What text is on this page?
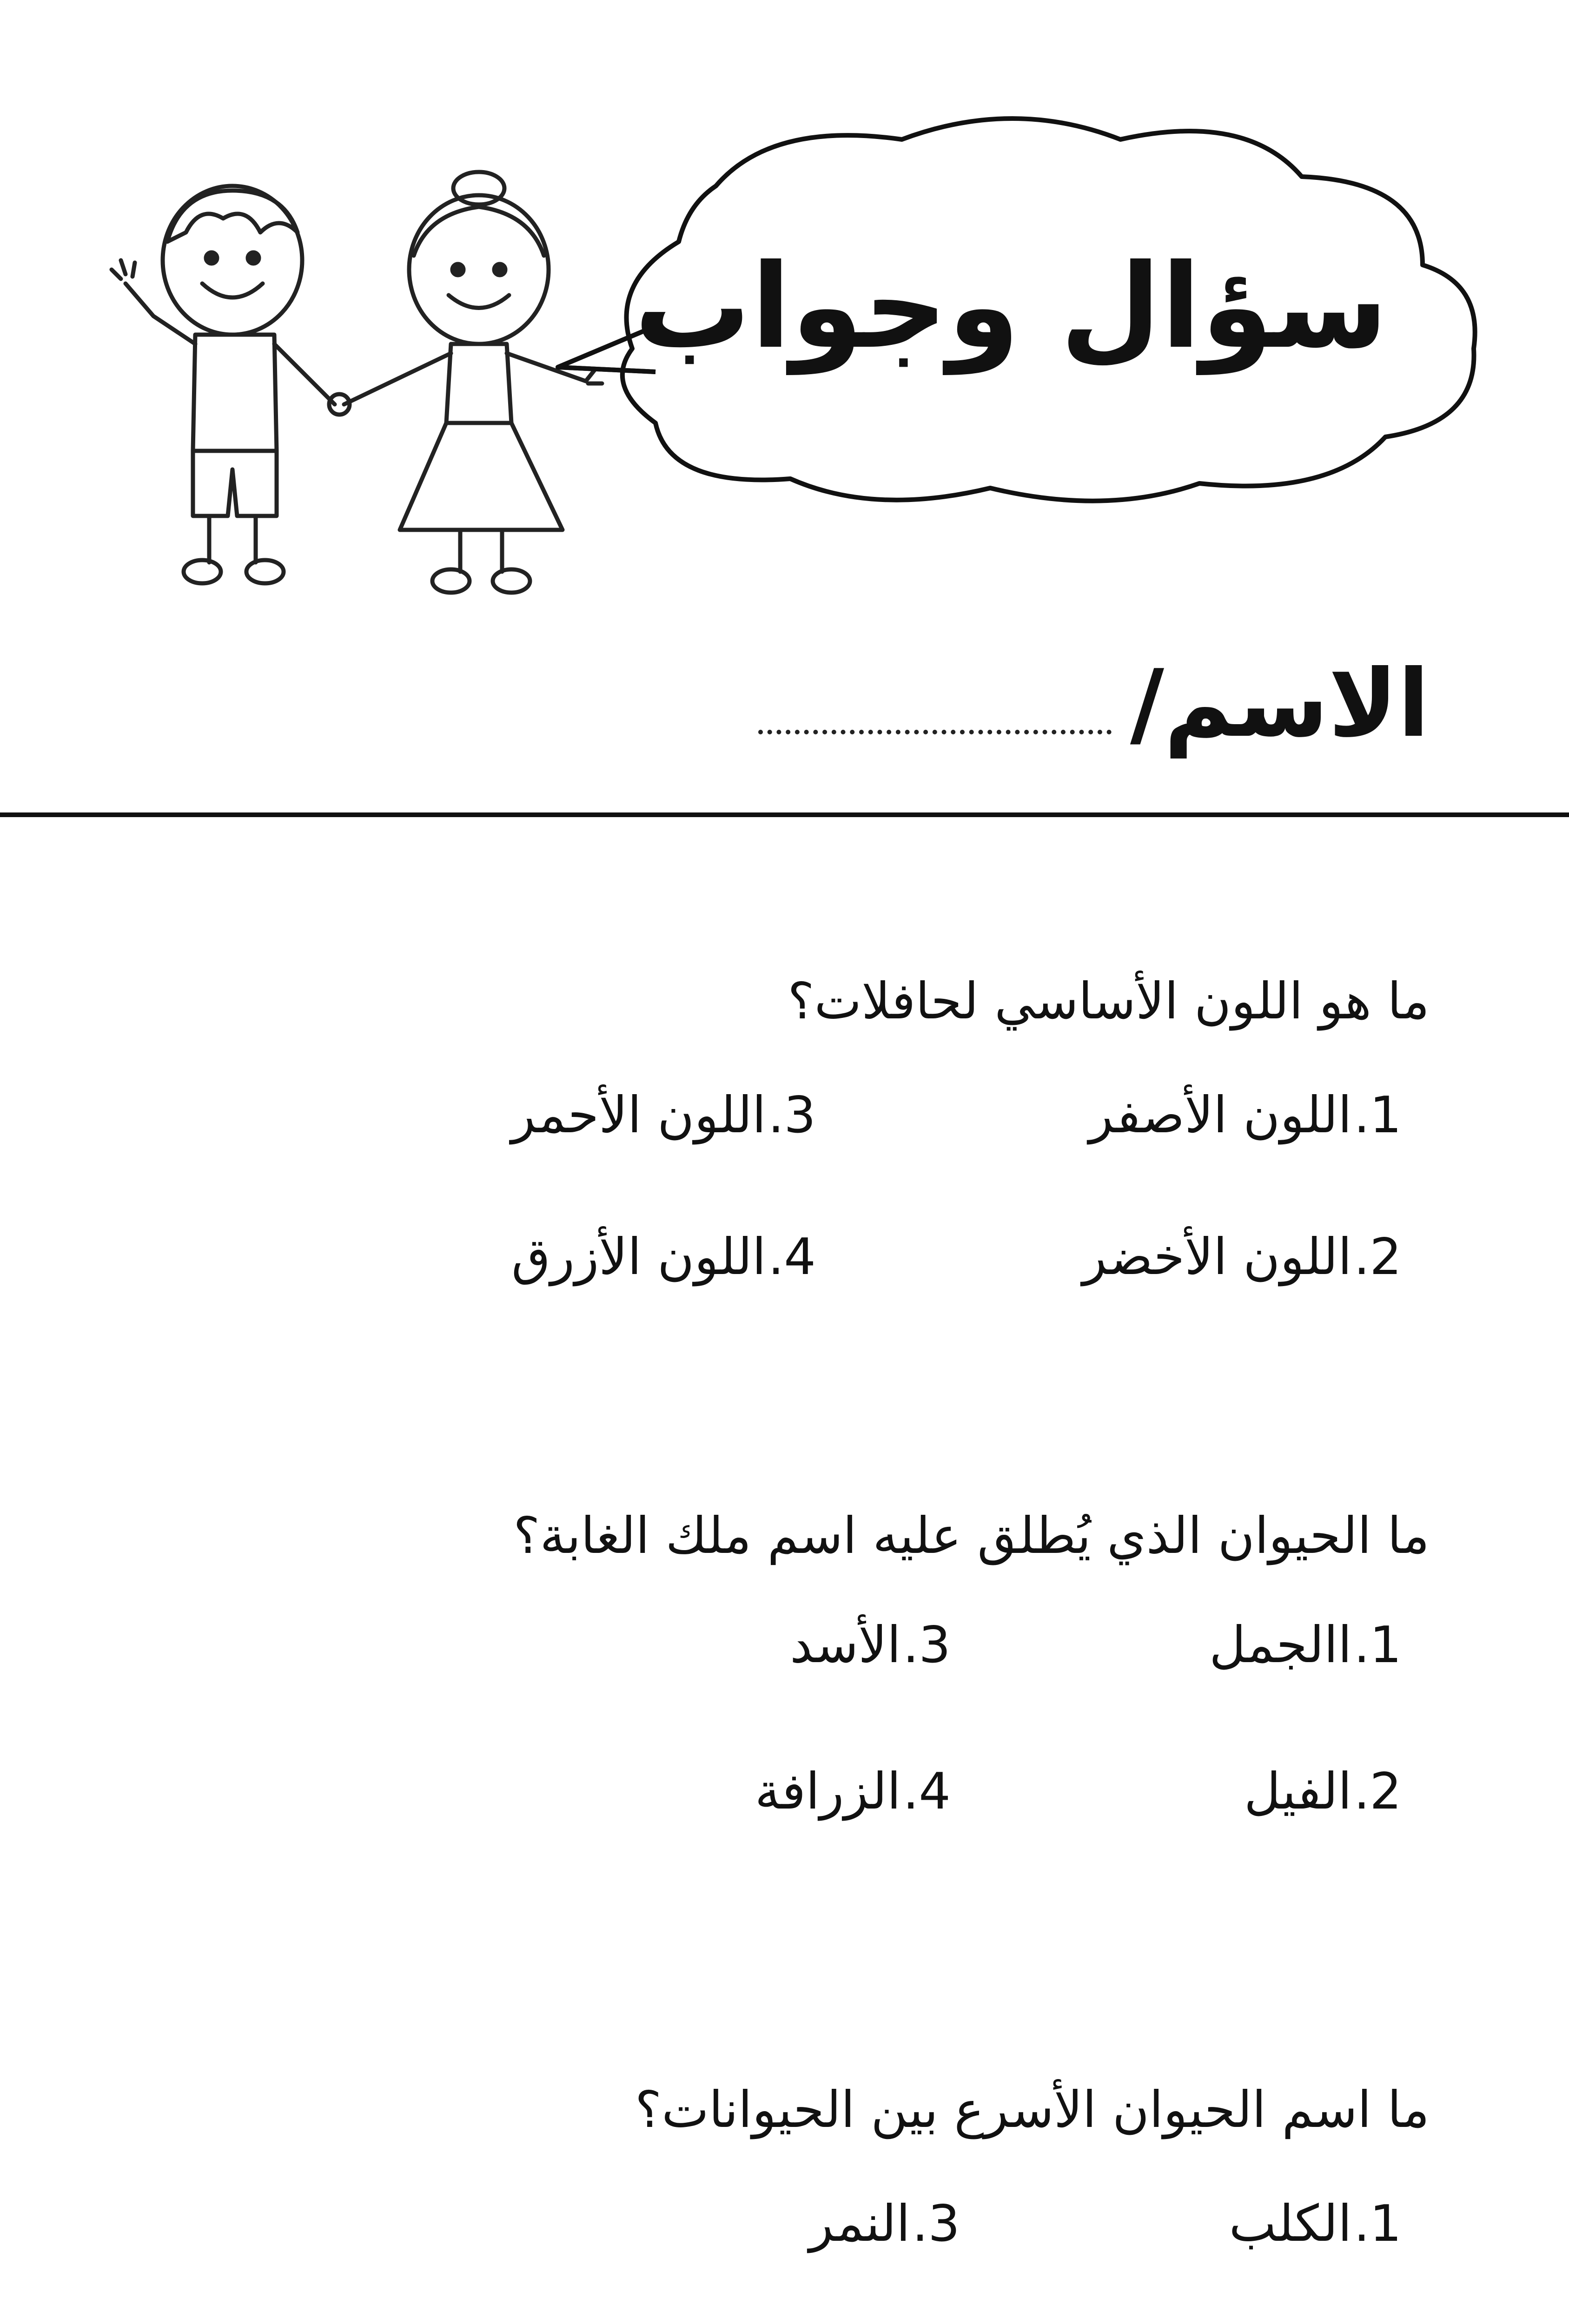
سؤال وجواب
الاسم/
ما هو اللون الأساسي لحافلات؟
1.
اللون الأصفر
2.
اللون الأخضر
3.
اللون الأحمر
4.
اللون الأزرق
ما الحيوان الذي يُطلق عليه اسم ملك الغابة؟
1.
االجمل
2.
الفيل
3.
الأسد
4.
الزرافة
ما اسم الحيوان الأسرع بين الحيوانات؟
1.
الكلب
3.
النمر
